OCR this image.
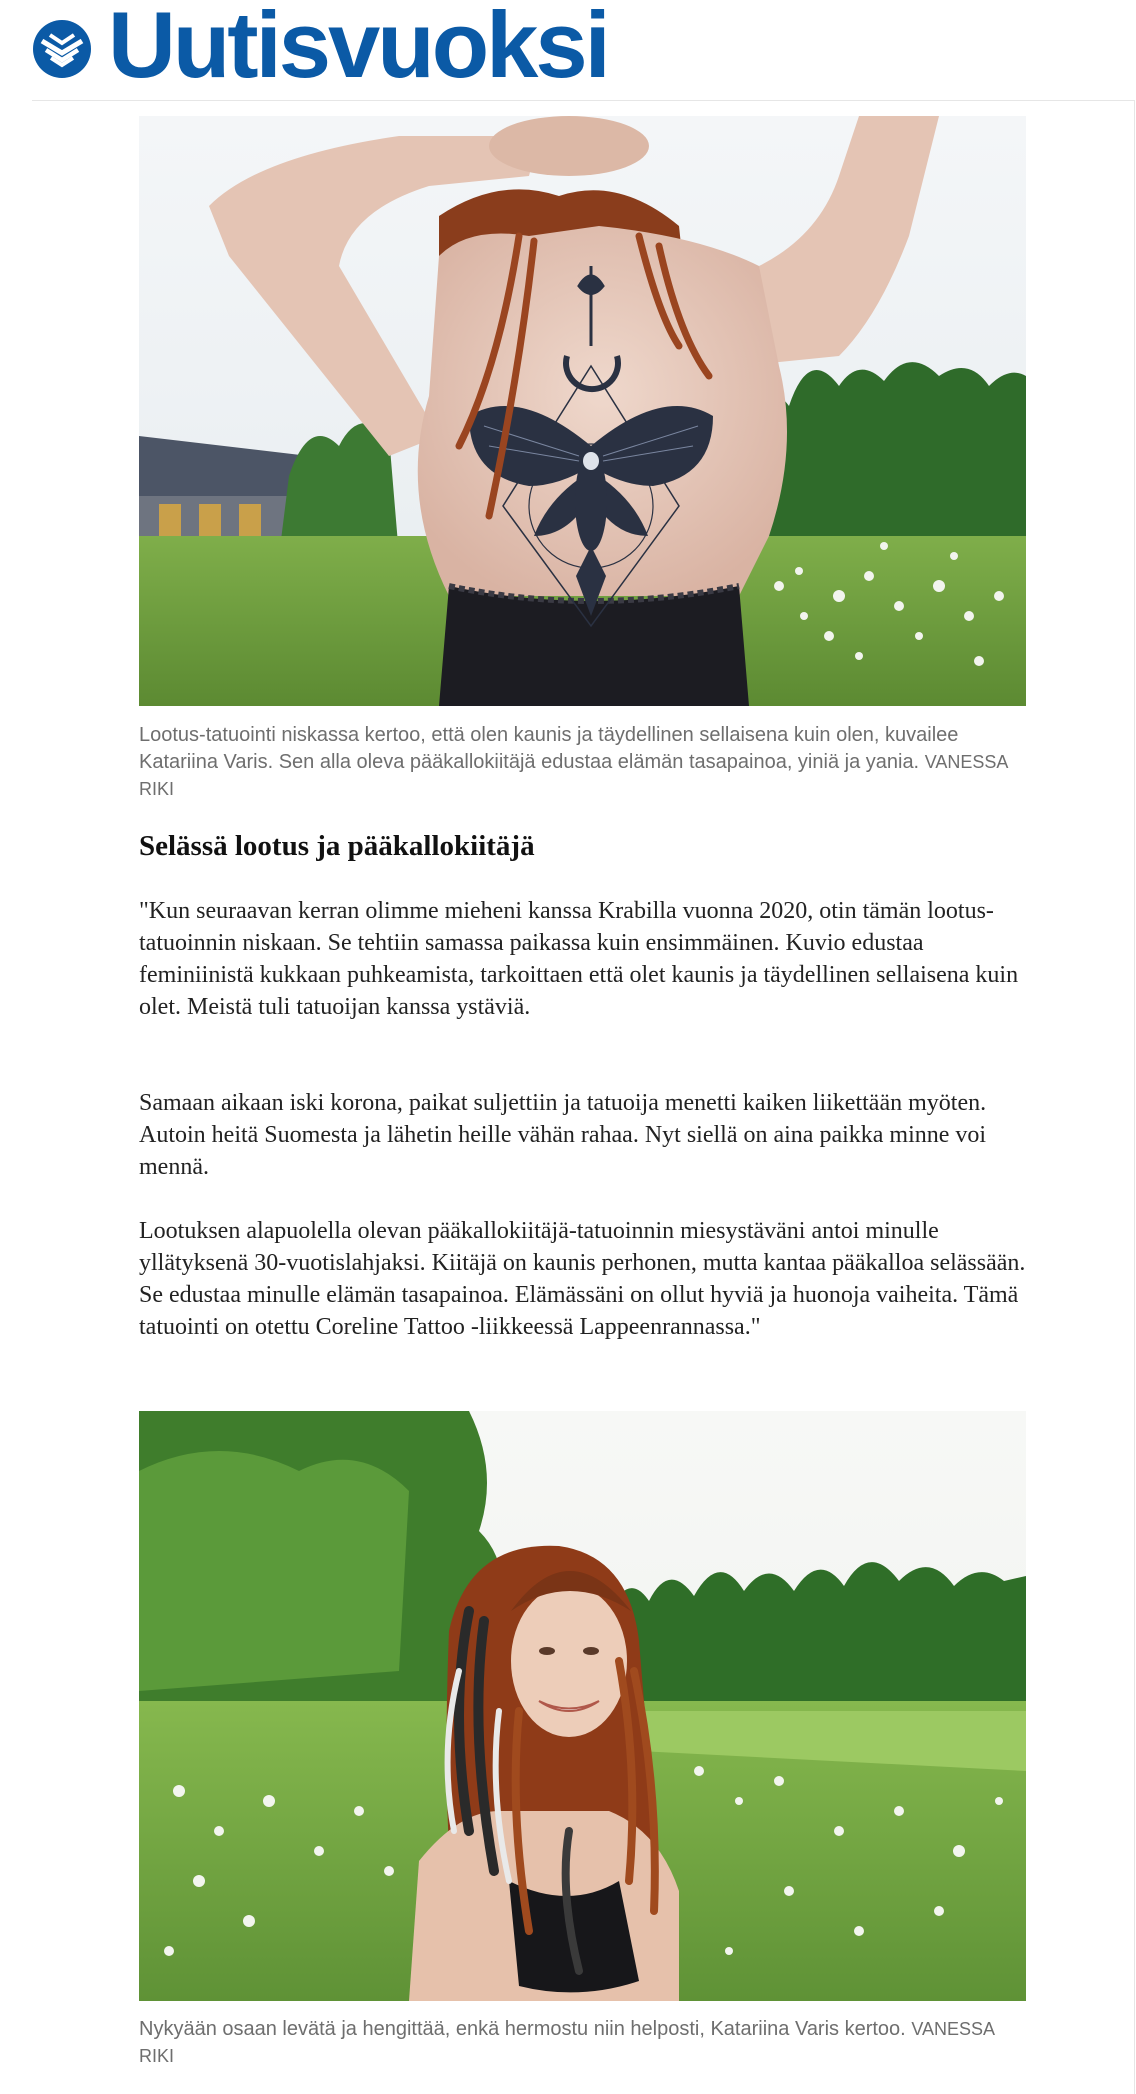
Uutisvuoksi

Lootus-tatuointi niskassa kertoo, että olen kaunis ja täydellinen sellaisena kuin olen, kuvailee Katariina Varis. Sen alla oleva pääkallokiitäjä edustaa elämän tasapainoa, yiniä ja yania. VANESSA RIKI

Selässä lootus ja pääkallokiitäjä

"Kun seuraavan kerran olimme mieheni kanssa Krabilla vuonna 2020, otin tämän lootus-tatuoinnin niskaan. Se tehtiin samassa paikassa kuin ensimmäinen. Kuvio edustaa feminiinistä kukkaan puhkeamista, tarkoittaen että olet kaunis ja täydellinen sellaisena kuin olet. Meistä tuli tatuoijan kanssa ystäviä.

Samaan aikaan iski korona, paikat suljettiin ja tatuoija menetti kaiken liikettään myöten. Autoin heitä Suomesta ja lähetin heille vähän rahaa. Nyt siellä on aina paikka minne voi mennä.

Lootuksen alapuolella olevan pääkallokiitäjä-tatuoinnin miesystäväni antoi minulle yllätyksenä 30-vuotislahjaksi. Kiitäjä on kaunis perhonen, mutta kantaa pääkalloa selässään. Se edustaa minulle elämän tasapainoa. Elämässäni on ollut hyviä ja huonoja vaiheita. Tämä tatuointi on otettu Coreline Tattoo -liikkeessä Lappeenrannassa."

Nykyään osaan levätä ja hengittää, enkä hermostu niin helposti, Katariina Varis kertoo. VANESSA RIKI
